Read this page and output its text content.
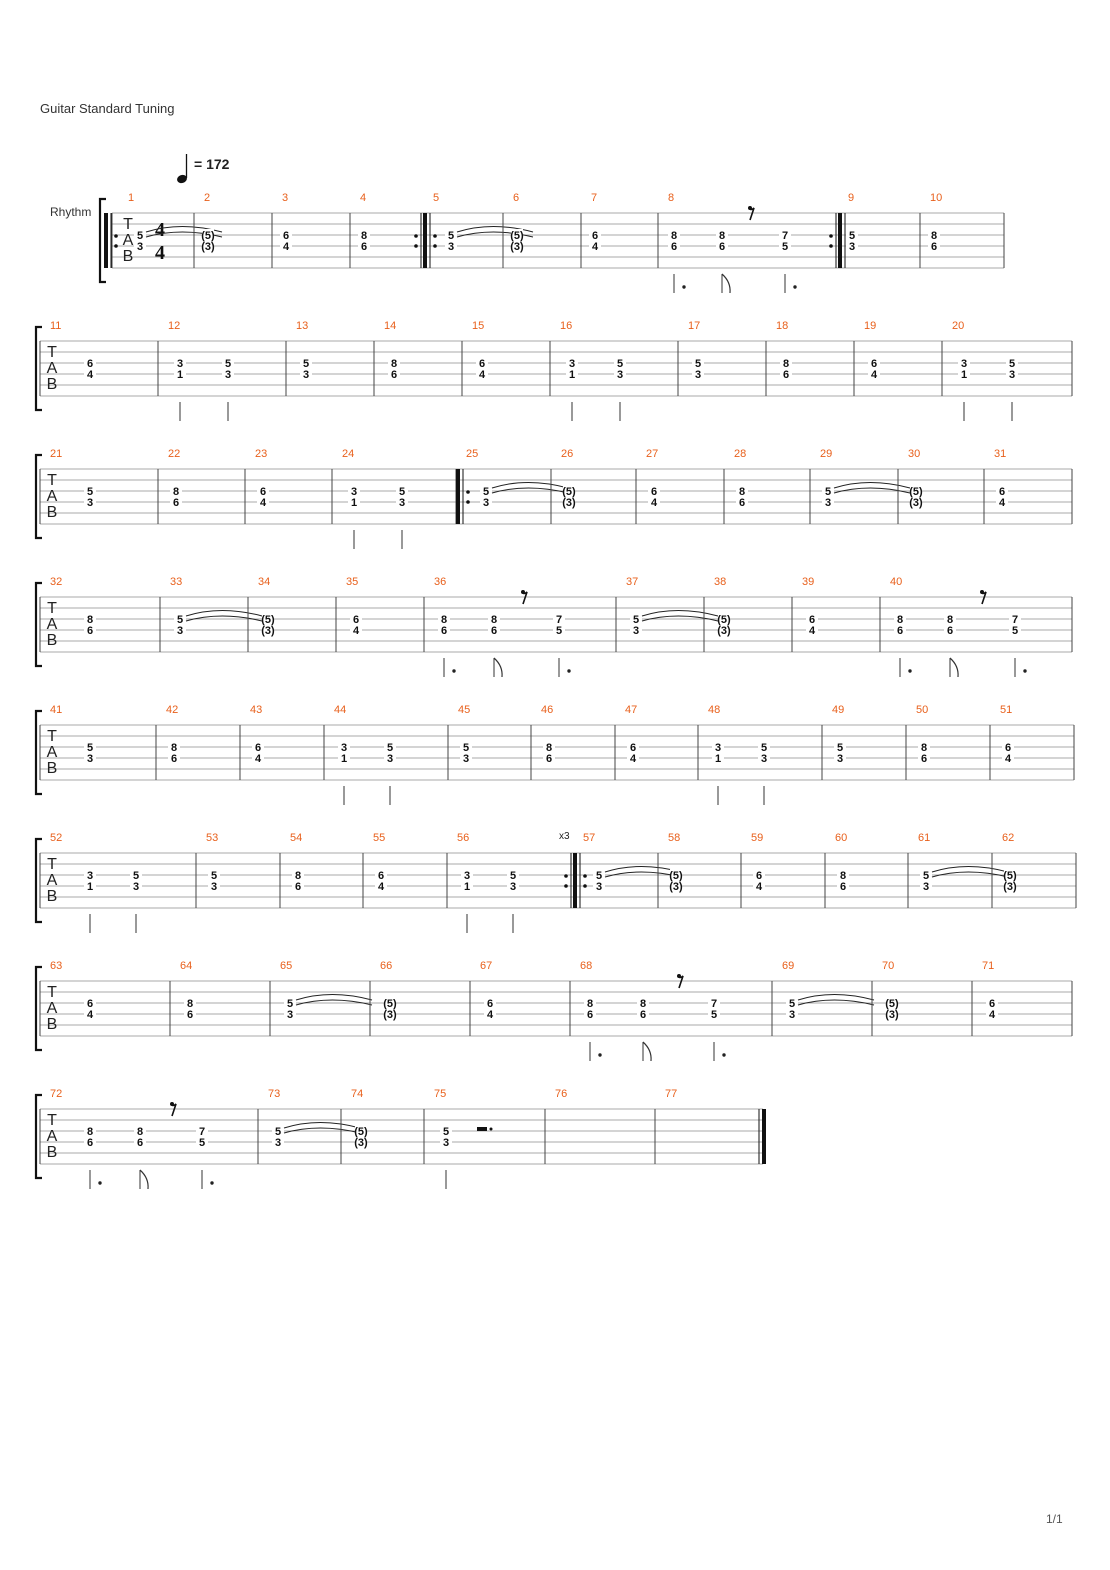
Guitar Standard Tuning
= 172
Rhythm
T
A
B
4
4
1
5
3
2
(5)
(3)
3
6
4
4
8
6
5
5
3
6
(5)
(3)
7
6
4
8
8
6
8
6
7
5
9
5
3
10
8
6
T
A
B
11
6
4
12
3
1
5
3
13
5
3
14
8
6
15
6
4
16
3
1
5
3
17
5
3
18
8
6
19
6
4
20
3
1
5
3
T
A
B
21
5
3
22
8
6
23
6
4
24
3
1
5
3
25
5
3
26
(5)
(3)
27
6
4
28
8
6
29
5
3
30
(5)
(3)
31
6
4
T
A
B
32
8
6
33
5
3
34
(5)
(3)
35
6
4
36
8
6
8
6
7
5
37
5
3
38
(5)
(3)
39
6
4
40
8
6
8
6
7
5
T
A
B
41
5
3
42
8
6
43
6
4
44
3
1
5
3
45
5
3
46
8
6
47
6
4
48
3
1
5
3
49
5
3
50
8
6
51
6
4
T
A
B
52
3
1
5
3
53
5
3
54
8
6
55
6
4
56
3
1
5
3
x3 57
5
3
58
(5)
(3)
59
6
4
60
8
6
61
5
3
62
(5)
(3)
T
A
B
63
6
4
64
8
6
65
5
3
66
(5)
(3)
67
6
4
68
8
6
8
6
7
5
69
5
3
70
(5)
(3)
71
6
4
T
A
B
72
8
6
8
6
7
5
73
5
3
74
(5)
(3)
75
5
3
76	77
1/1
